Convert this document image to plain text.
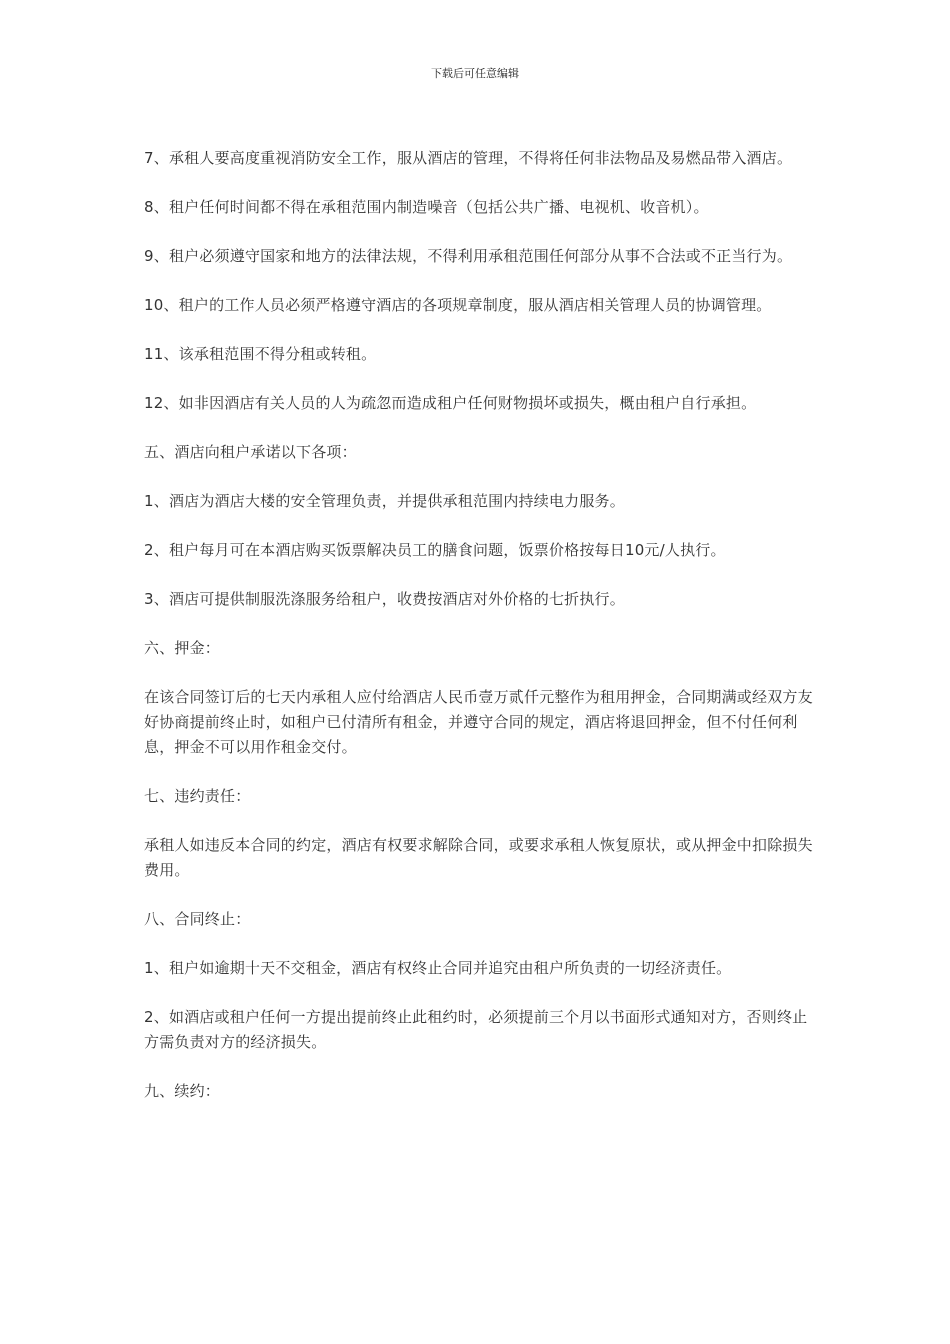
下载后可任意编辑

7、承租人要高度重视消防安全工作，服从酒店的管理，不得将任何非法物品及易燃品带入酒店。

8、租户任何时间都不得在承租范围内制造噪音（包括公共广播、电视机、收音机）。

9、租户必须遵守国家和地方的法律法规，不得利用承租范围任何部分从事不合法或不正当行为。

10、租户的工作人员必须严格遵守酒店的各项规章制度，服从酒店相关管理人员的协调管理。

11、该承租范围不得分租或转租。

12、如非因酒店有关人员的人为疏忽而造成租户任何财物损坏或损失，概由租户自行承担。

五、酒店向租户承诺以下各项：

1、酒店为酒店大楼的安全管理负责，并提供承租范围内持续电力服务。

2、租户每月可在本酒店购买饭票解决员工的膳食问题，饭票价格按每日10元/人执行。

3、酒店可提供制服洗涤服务给租户，收费按酒店对外价格的七折执行。

六、押金：

在该合同签订后的七天内承租人应付给酒店人民币壹万贰仟元整作为租用押金，合同期满或经双方友好协商提前终止时，如租户已付清所有租金，并遵守合同的规定，酒店将退回押金，但不付任何利息，押金不可以用作租金交付。

七、违约责任：

承租人如违反本合同的约定，酒店有权要求解除合同，或要求承租人恢复原状，或从押金中扣除损失费用。

八、合同终止：

1、租户如逾期十天不交租金，酒店有权终止合同并追究由租户所负责的一切经济责任。

2、如酒店或租户任何一方提出提前终止此租约时，必须提前三个月以书面形式通知对方，否则终止方需负责对方的经济损失。

九、续约：
